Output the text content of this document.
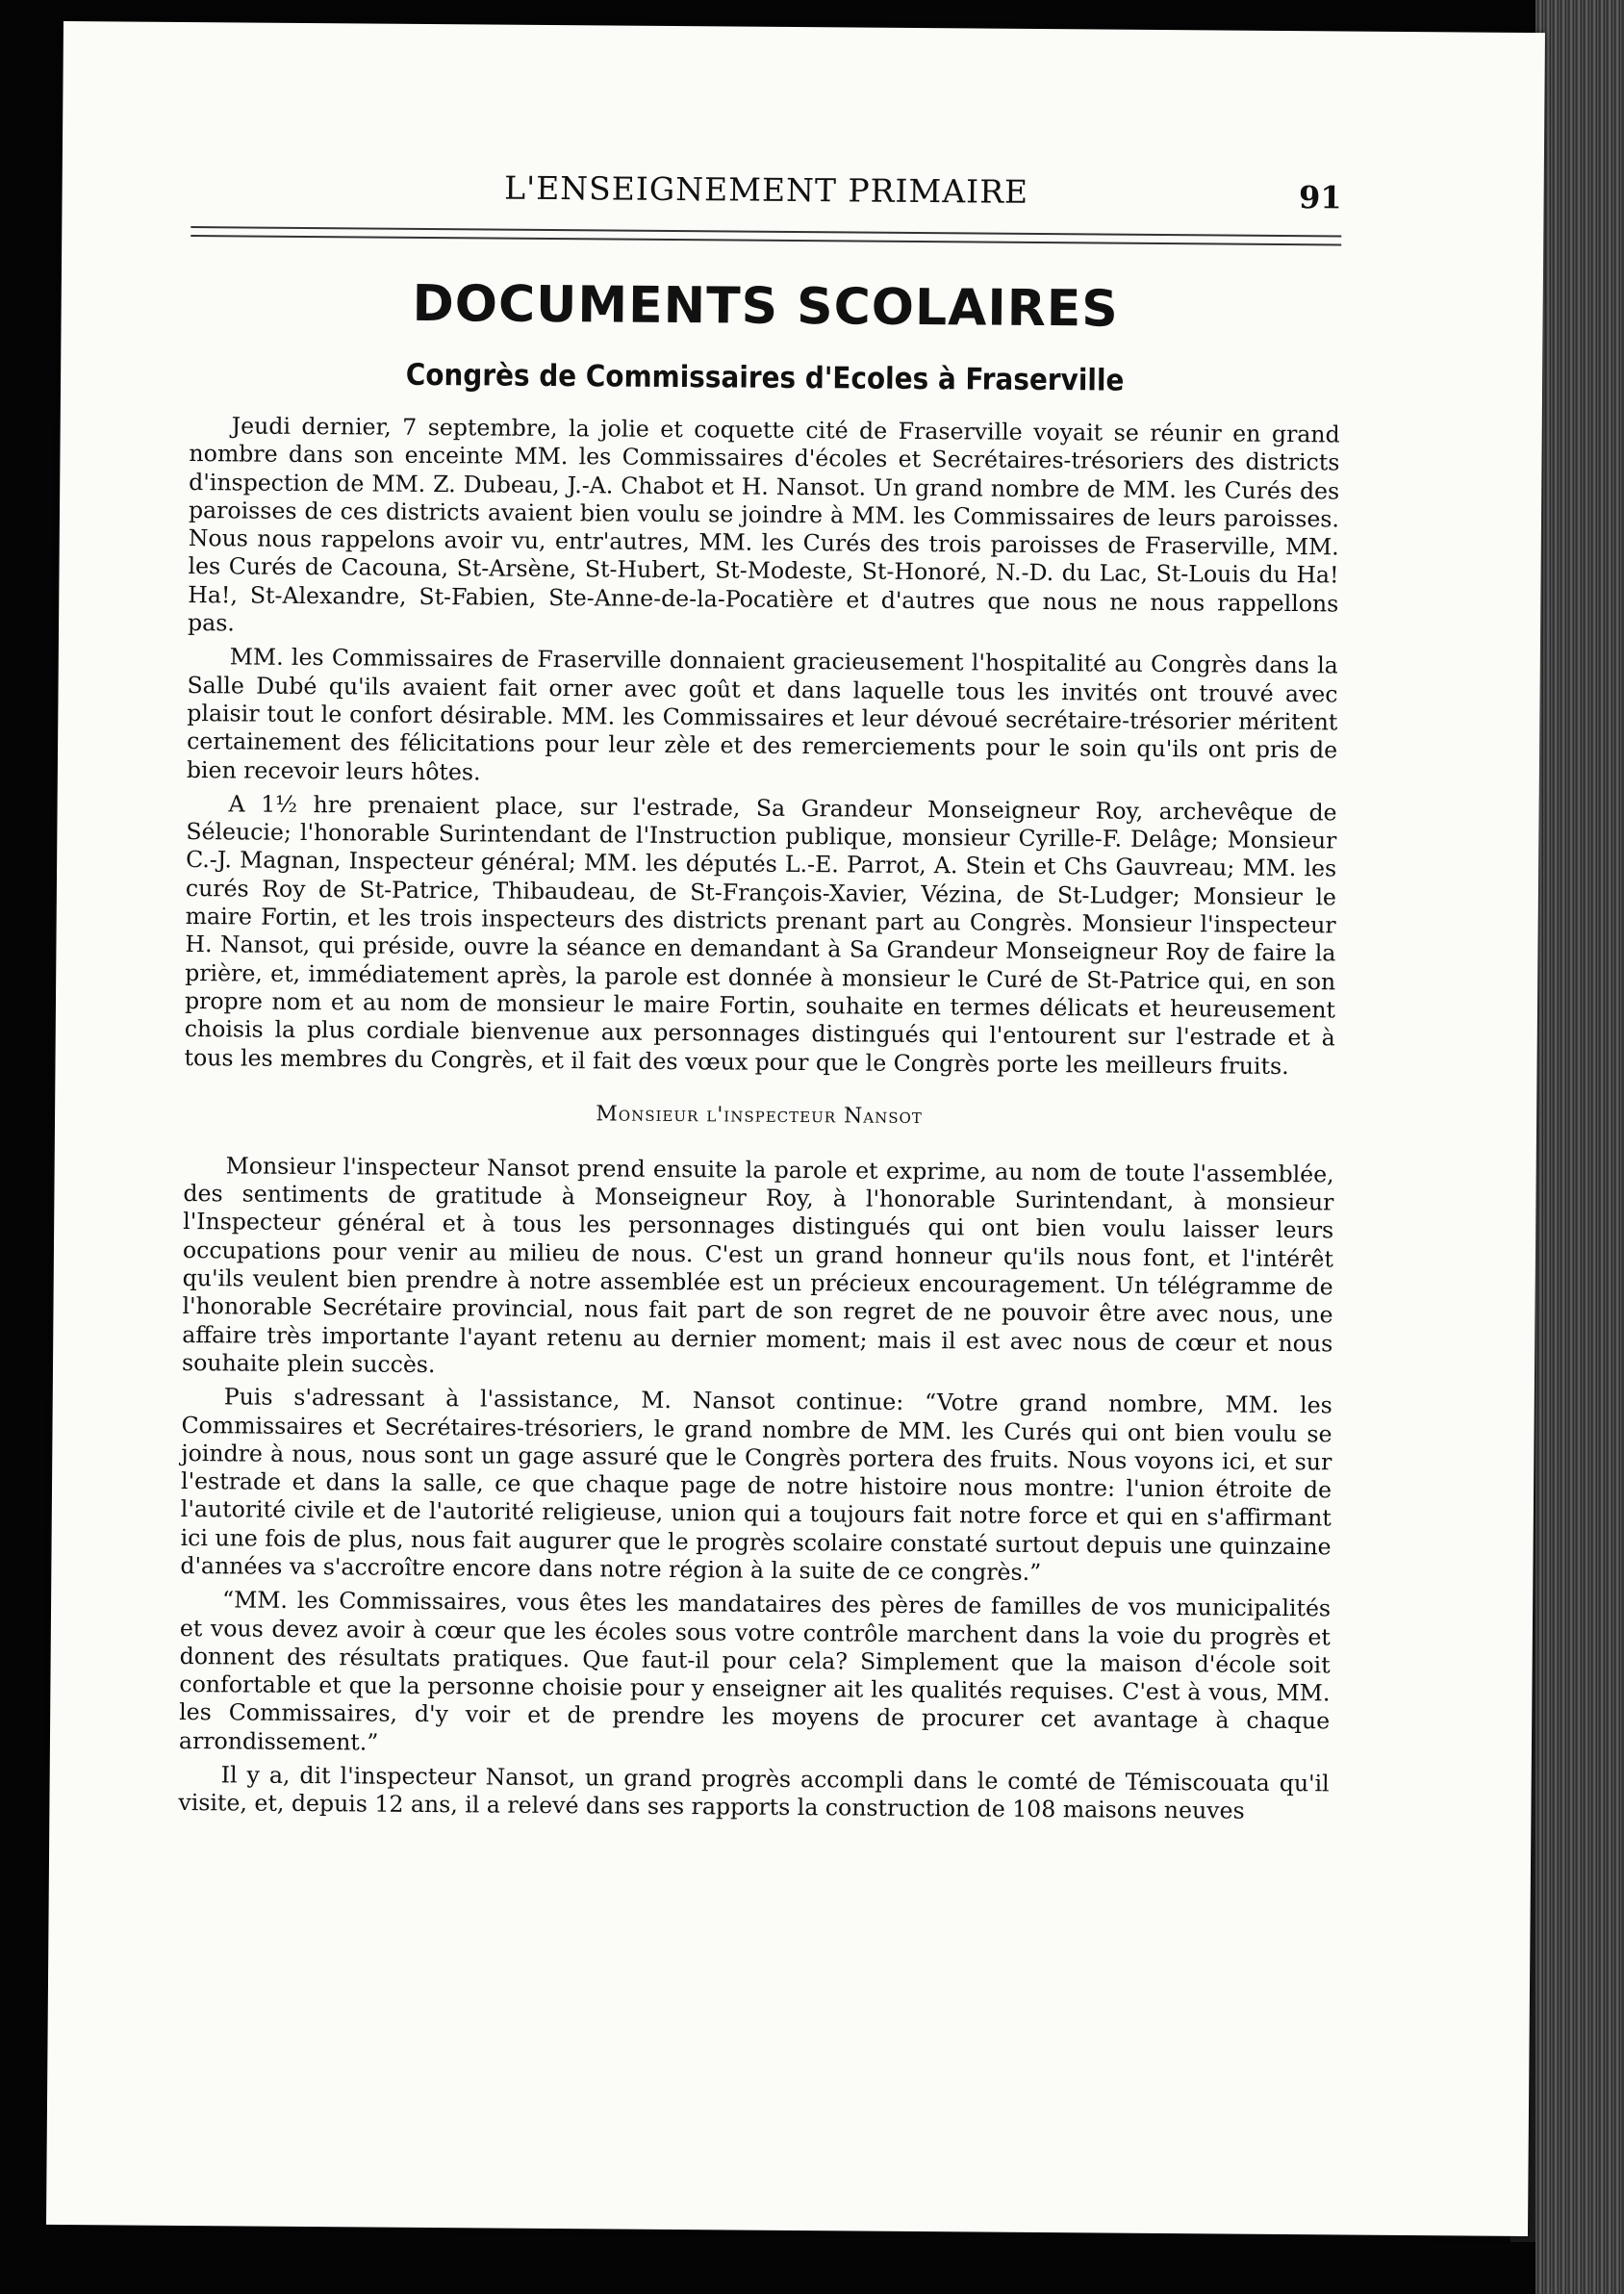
L'ENSEIGNEMENT PRIMAIRE	91
DOCUMENTS SCOLAIRES
Congrès de Commissaires d'Ecoles à Fraserville

Jeudi dernier, 7 septembre, la jolie et coquette cité de Fraserville voyait se réunir en grand nombre dans son enceinte MM. les Commissaires d'écoles et Secrétaires-trésoriers des districts d'inspection de MM. Z. Dubeau, J.-A. Chabot et H. Nansot. Un grand nombre de MM. les Curés des paroisses de ces districts avaient bien voulu se joindre à MM. les Commissaires de leurs paroisses. Nous nous rappelons avoir vu, entr'autres, MM. les Curés des trois paroisses de Fraserville, MM. les Curés de Cacouna, St-Arsène, St-Hubert, St-Modeste, St-Honoré, N.-D. du Lac, St-Louis du Ha! Ha!, St-Alexandre, St-Fabien, Ste-Anne-de-la-Pocatière et d'autres que nous ne nous rappellons pas.

MM. les Commissaires de Fraserville donnaient gracieusement l'hospitalité au Congrès dans la Salle Dubé qu'ils avaient fait orner avec goût et dans laquelle tous les invités ont trouvé avec plaisir tout le confort désirable. MM. les Commissaires et leur dévoué secrétaire-trésorier méritent certainement des félicitations pour leur zèle et des remerciements pour le soin qu'ils ont pris de bien recevoir leurs hôtes.

A 1½ hre prenaient place, sur l'estrade, Sa Grandeur Monseigneur Roy, archevêque de Séleucie; l'honorable Surintendant de l'Instruction publique, monsieur Cyrille-F. Delâge; Monsieur C.-J. Magnan, Inspecteur général; MM. les députés L.-E. Parrot, A. Stein et Chs Gauvreau; MM. les curés Roy de St-Patrice, Thibaudeau, de St-François-Xavier, Vézina, de St-Ludger; Monsieur le maire Fortin, et les trois inspecteurs des districts prenant part au Congrès. Monsieur l'inspecteur H. Nansot, qui préside, ouvre la séance en demandant à Sa Grandeur Monseigneur Roy de faire la prière, et, immédiatement après, la parole est donnée à monsieur le Curé de St-Patrice qui, en son propre nom et au nom de monsieur le maire Fortin, souhaite en termes délicats et heureusement choisis la plus cordiale bienvenue aux personnages distingués qui l'entourent sur l'estrade et à tous les membres du Congrès, et il fait des vœux pour que le Congrès porte les meilleurs fruits.

Monsieur l'inspecteur Nansot

Monsieur l'inspecteur Nansot prend ensuite la parole et exprime, au nom de toute l'assemblée, des sentiments de gratitude à Monseigneur Roy, à l'honorable Surintendant, à monsieur l'Inspecteur général et à tous les personnages distingués qui ont bien voulu laisser leurs occupations pour venir au milieu de nous. C'est un grand honneur qu'ils nous font, et l'intérêt qu'ils veulent bien prendre à notre assemblée est un précieux encouragement. Un télégramme de l'honorable Secrétaire provincial, nous fait part de son regret de ne pouvoir être avec nous, une affaire très importante l'ayant retenu au dernier moment; mais il est avec nous de cœur et nous souhaite plein succès.

Puis s'adressant à l'assistance, M. Nansot continue: “Votre grand nombre, MM. les Commissaires et Secrétaires-trésoriers, le grand nombre de MM. les Curés qui ont bien voulu se joindre à nous, nous sont un gage assuré que le Congrès portera des fruits. Nous voyons ici, et sur l'estrade et dans la salle, ce que chaque page de notre histoire nous montre: l'union étroite de l'autorité civile et de l'autorité religieuse, union qui a toujours fait notre force et qui en s'affirmant ici une fois de plus, nous fait augurer que le progrès scolaire constaté surtout depuis une quinzaine d'années va s'accroître encore dans notre région à la suite de ce congrès.”

“MM. les Commissaires, vous êtes les mandataires des pères de familles de vos municipalités et vous devez avoir à cœur que les écoles sous votre contrôle marchent dans la voie du progrès et donnent des résultats pratiques. Que faut-il pour cela? Simplement que la maison d'école soit confortable et que la personne choisie pour y enseigner ait les qualités requises. C'est à vous, MM. les Commissaires, d'y voir et de prendre les moyens de procurer cet avantage à chaque arrondissement.”

Il y a, dit l'inspecteur Nansot, un grand progrès accompli dans le comté de Témiscouata qu'il visite, et, depuis 12 ans, il a relevé dans ses rapports la construction de 108 maisons neuves
